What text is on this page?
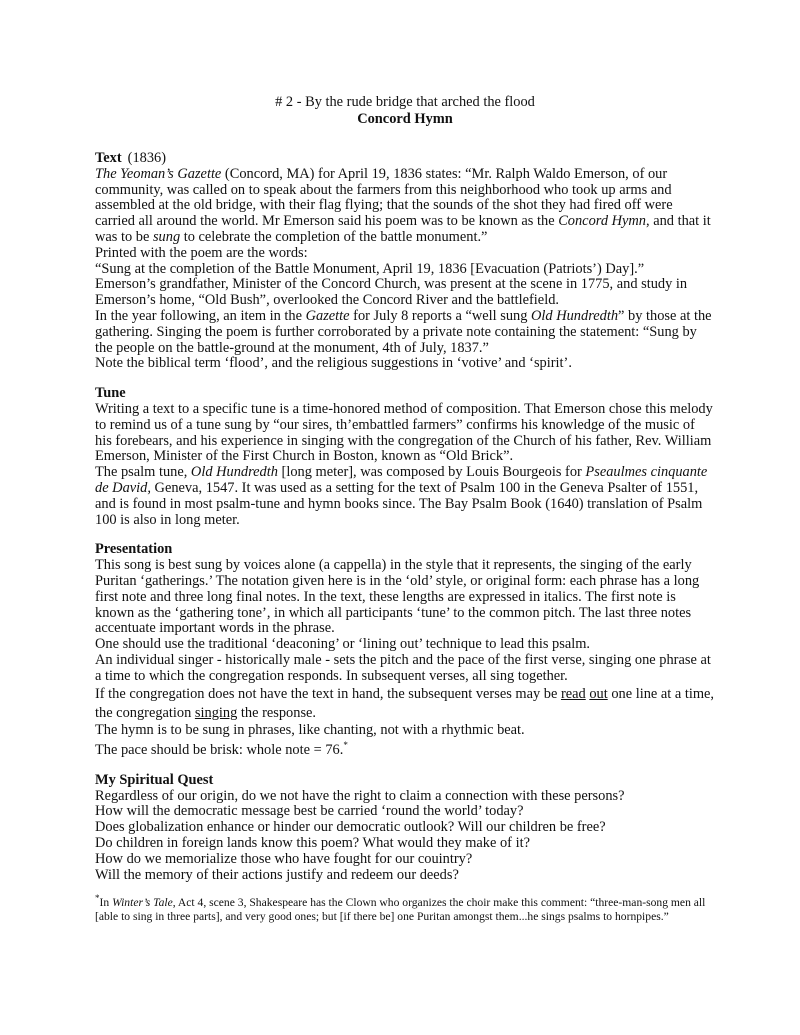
# 2 - By the rude bridge that arched the flood
Concord Hymn
Text (1836)
The Yeoman’s Gazette (Concord, MA) for April 19, 1836 states: “Mr. Ralph Waldo Emerson, of our community, was called on to speak about the farmers from this neighborhood who took up arms and assembled at the old bridge, with their flag flying; that the sounds of the shot they had fired off were carried all around the world. Mr Emerson said his poem was to be known as the Concord Hymn, and that it was to be sung to celebrate the completion of the battle monument.”
Printed with the poem are the words:
“Sung at the completion of the Battle Monument, April 19, 1836 [Evacuation (Patriots’) Day].”
Emerson’s grandfather, Minister of the Concord Church, was present at the scene in 1775, and study in Emerson’s home, “Old Bush”, overlooked the Concord River and the battlefield.
In the year following, an item in the Gazette for July 8 reports a “well sung Old Hundredth” by those at the gathering. Singing the poem is further corroborated by a private note containing the statement: “Sung by the people on the battle-ground at the monument, 4th of July, 1837.”
Note the biblical term ‘flood’, and the religious suggestions in ‘votive’ and ‘spirit’.
Tune
Writing a text to a specific tune is a time-honored method of composition. That Emerson chose this melody to remind us of a tune sung by “our sires, th’embattled farmers” confirms his knowledge of the music of his forebears, and his experience in singing with the congregation of the Church of his father, Rev. William Emerson, Minister of the First Church in Boston, known as “Old Brick”.
The psalm tune, Old Hundredth [long meter], was composed by Louis Bourgeois for Pseaulmes cinquante de David, Geneva, 1547. It was used as a setting for the text of Psalm 100 in the Geneva Psalter of 1551, and is found in most psalm-tune and hymn books since. The Bay Psalm Book (1640) translation of Psalm 100 is also in long meter.
Presentation
This song is best sung by voices alone (a cappella) in the style that it represents, the singing of the early Puritan ‘gatherings.’ The notation given here is in the ‘old’ style, or original form: each phrase has a long first note and three long final notes. In the text, these lengths are expressed in italics. The first note is known as the ‘gathering tone’, in which all participants ‘tune’ to the common pitch. The last three notes accentuate important words in the phrase.
One should use the traditional ‘deaconing’ or ‘lining out’ technique to lead this psalm.
An individual singer - historically male - sets the pitch and the pace of the first verse, singing one phrase at a time to which the congregation responds. In subsequent verses, all sing together.
If the congregation does not have the text in hand, the subsequent verses may be read out one line at a time, the congregation singing the response.
The hymn is to be sung in phrases, like chanting, not with a rhythmic beat.
The pace should be brisk: whole note = 76.*
My Spiritual Quest
Regardless of our origin, do we not have the right to claim a connection with these persons?
How will the democratic message best be carried ‘round the world’ today?
Does globalization enhance or hinder our democratic outlook? Will our children be free?
Do children in foreign lands know this poem? What would they make of it?
How do we memorialize those who have fought for our couintry?
Will the memory of their actions justify and redeem our deeds?
*In Winter’s Tale, Act 4, scene 3, Shakespeare has the Clown who organizes the choir make this comment: “three-man-song men all [able to sing in three parts], and very good ones; but [if there be] one Puritan amongst them...he sings psalms to hornpipes.”
